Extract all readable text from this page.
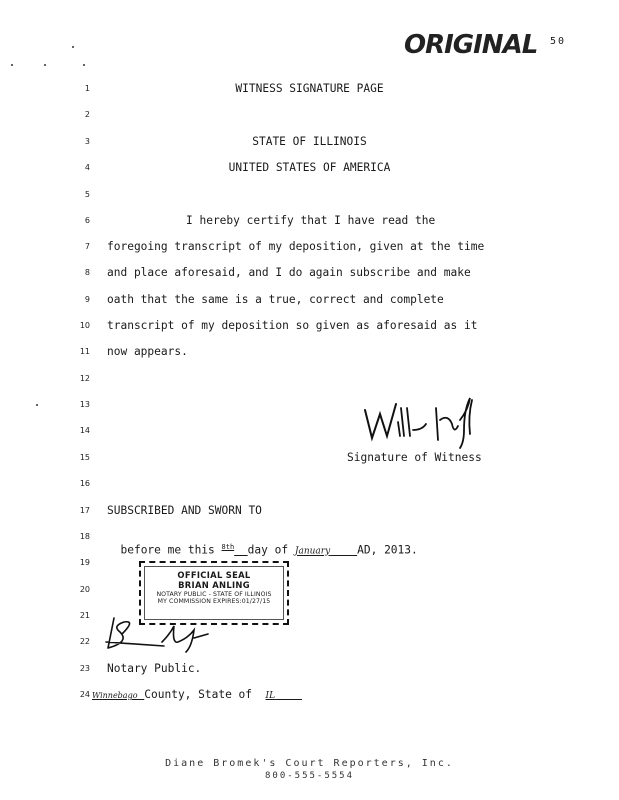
ORIGINAL 50
1
2
3
4
5
6
7
8
9
10
11
12
13
14
15
16
17
18
19
20
21
22
23
24
WITNESS SIGNATURE PAGE
STATE OF ILLINOIS
UNITED STATES OF AMERICA
I hereby certify that I have read the
foregoing transcript of my deposition, given at the time
and place aforesaid, and I do again subscribe and make
oath that the same is a true, correct and complete
transcript of my deposition so given as aforesaid as it
now appears.
Signature of Witness
SUBSCRIBED AND SWORN TO

before me this $^{8th}$ day of January AD, 2013.

OFFICIAL SEAL
BRIAN ANLING
NOTARY PUBLIC - STATE OF ILLINOIS
MY COMMISSION EXPIRES:01/27/15
Notary Public.
Winnebago County, State of IL
Diane Bromek's Court Reporters, Inc.
800-555-5554
